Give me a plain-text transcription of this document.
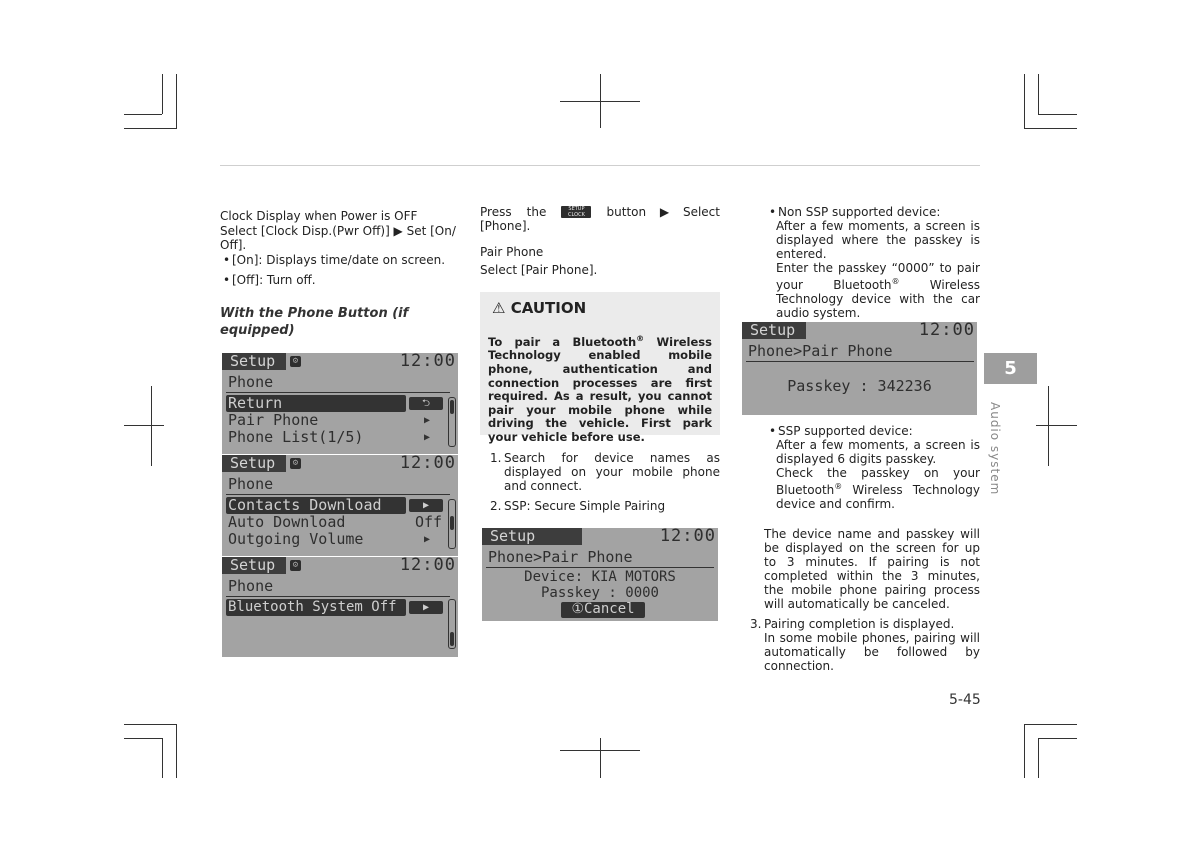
Clock Display when Power is OFF

Select [Clock Disp.(Pwr Off)] ▶ Set [On/

Off].

• [On]: Displays time/date on screen.

• [Off]: Turn off.

With the Phone Button (if
equipped)
Setup	⚙	12:00
Phone
Return	⮌
Pair Phone	▶
Phone List(1/5)	▶
Setup	⚙	12:00
Phone
Contacts Download	▶
Auto Download	Off
Outgoing Volume	▶
Setup	⚙	12:00
Phone
Bluetooth System Off	▶
Press the	SETUP
CLOCK	button ▶ Select

[Phone].

Pair Phone

Select [Pair Phone].

⚠ CAUTION
To pair a Bluetooth® Wireless Technology enabled mobile phone, authentication and connection processes are first required. As a result, you cannot pair your mobile phone while driving the vehicle. First park your vehicle before use.
1. Search for device names as displayed on your mobile phone and connect.
2. SSP: Secure Simple Pairing
Setup	12:00
Phone>Pair Phone
Device: KIA MOTORS
Passkey : 0000
①Cancel
• Non SSP supported device:
After a few moments, a screen is displayed where the passkey is entered.
Enter the passkey “0000” to pair your Bluetooth® Wireless Technology device with the car audio system.
Setup	12:00
Phone>Pair Phone
Passkey : 342236
• SSP supported device:
After a few moments, a screen is displayed 6 digits passkey.
Check the passkey on your Bluetooth® Wireless Technology device and confirm.
The device name and passkey will be displayed on the screen for up to 3 minutes. If pairing is not completed within the 3 minutes, the mobile phone pairing process will automatically be canceled.
3. Pairing completion is displayed.
In some mobile phones, pairing will automatically be followed by connection.
5
Audio system
5-45
